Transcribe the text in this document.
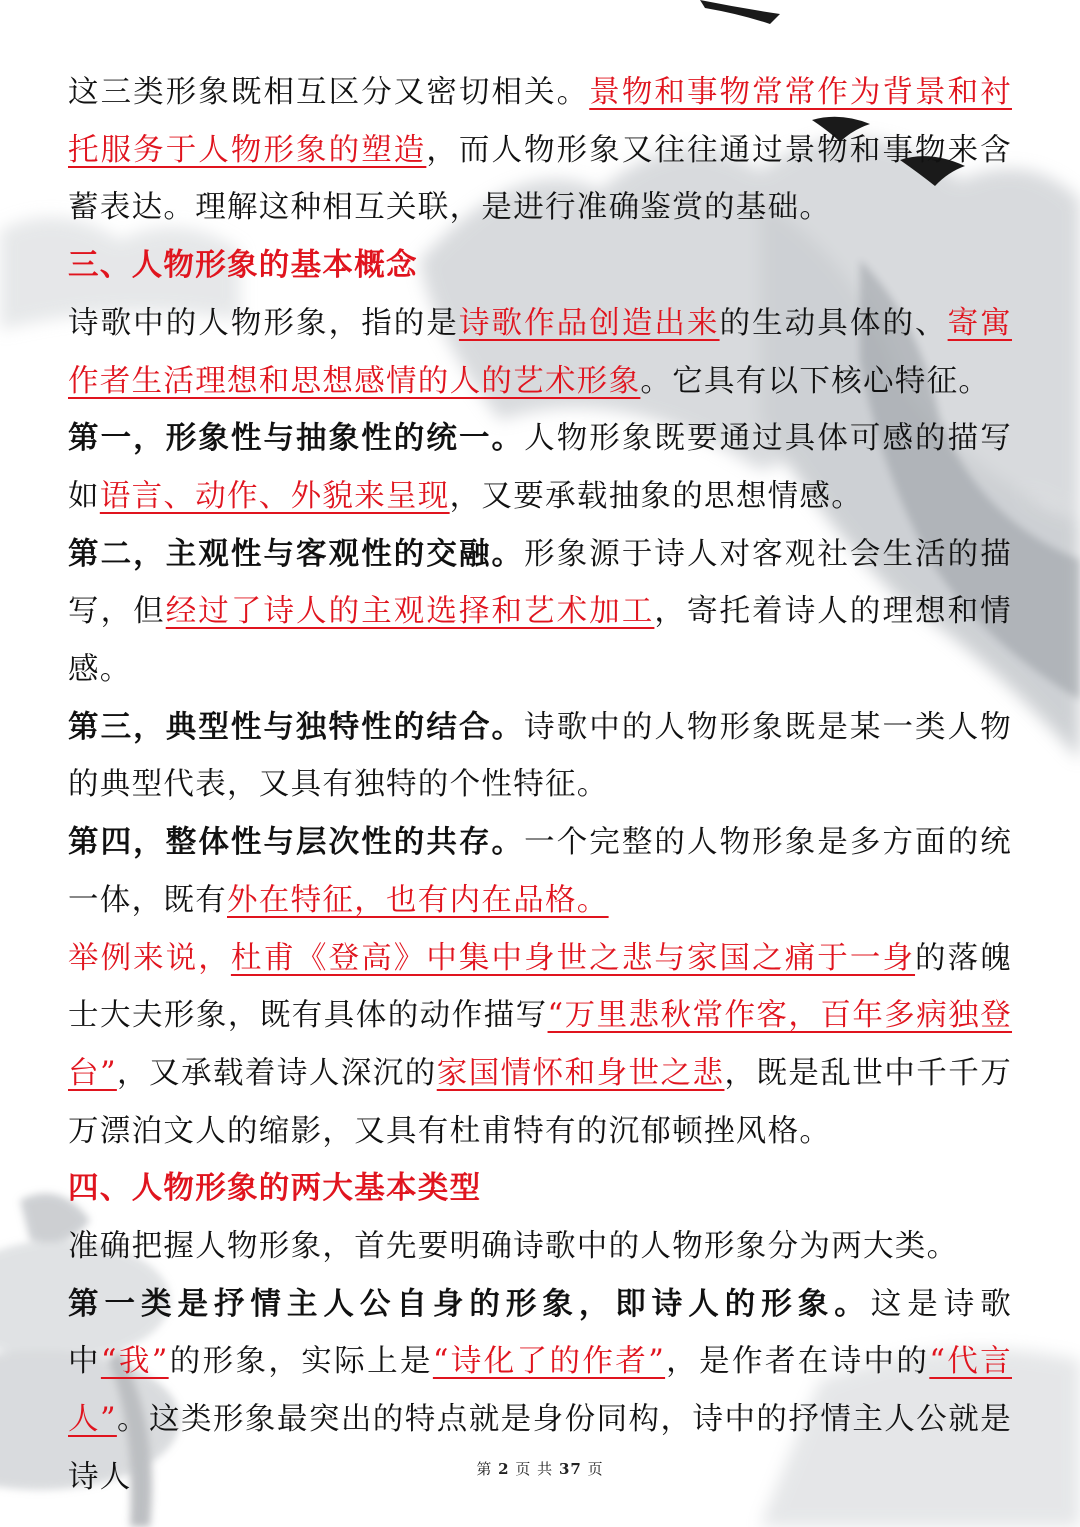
这三类形象既相互区分又密切相关。景物和事物常常作为背景和衬托服务于人物形象的塑造，而人物形象又往往通过景物和事物来含蓄表达。理解这种相互关联，是进行准确鉴赏的基础。

三、人物形象的基本概念

诗歌中的人物形象，指的是诗歌作品创造出来的生动具体的、寄寓作者生活理想和思想感情的人的艺术形象。它具有以下核心特征。

第一，形象性与抽象性的统一。人物形象既要通过具体可感的描写如语言、动作、外貌来呈现，又要承载抽象的思想情感。

第二，主观性与客观性的交融。形象源于诗人对客观社会生活的描写，但经过了诗人的主观选择和艺术加工，寄托着诗人的理想和情感。

第三，典型性与独特性的结合。诗歌中的人物形象既是某一类人物的典型代表，又具有独特的个性特征。

第四，整体性与层次性的共存。一个完整的人物形象是多方面的统一体，既有外在特征，也有内在品格。

举例来说，杜甫《登高》中集中身世之悲与家国之痛于一身的落魄士大夫形象，既有具体的动作描写“万里悲秋常作客，百年多病独登台”，又承载着诗人深沉的家国情怀和身世之悲，既是乱世中千千万万漂泊文人的缩影，又具有杜甫特有的沉郁顿挫风格。

四、人物形象的两大基本类型

准确把握人物形象，首先要明确诗歌中的人物形象分为两大类。

第一类是抒情主人公自身的形象，即诗人的形象。这是诗歌中“我”的形象，实际上是“诗化了的作者”，是作者在诗中的“代言人”。这类形象最突出的特点就是身份同构，诗中的抒情主人公就是诗人	第 2 页 共 37 页
